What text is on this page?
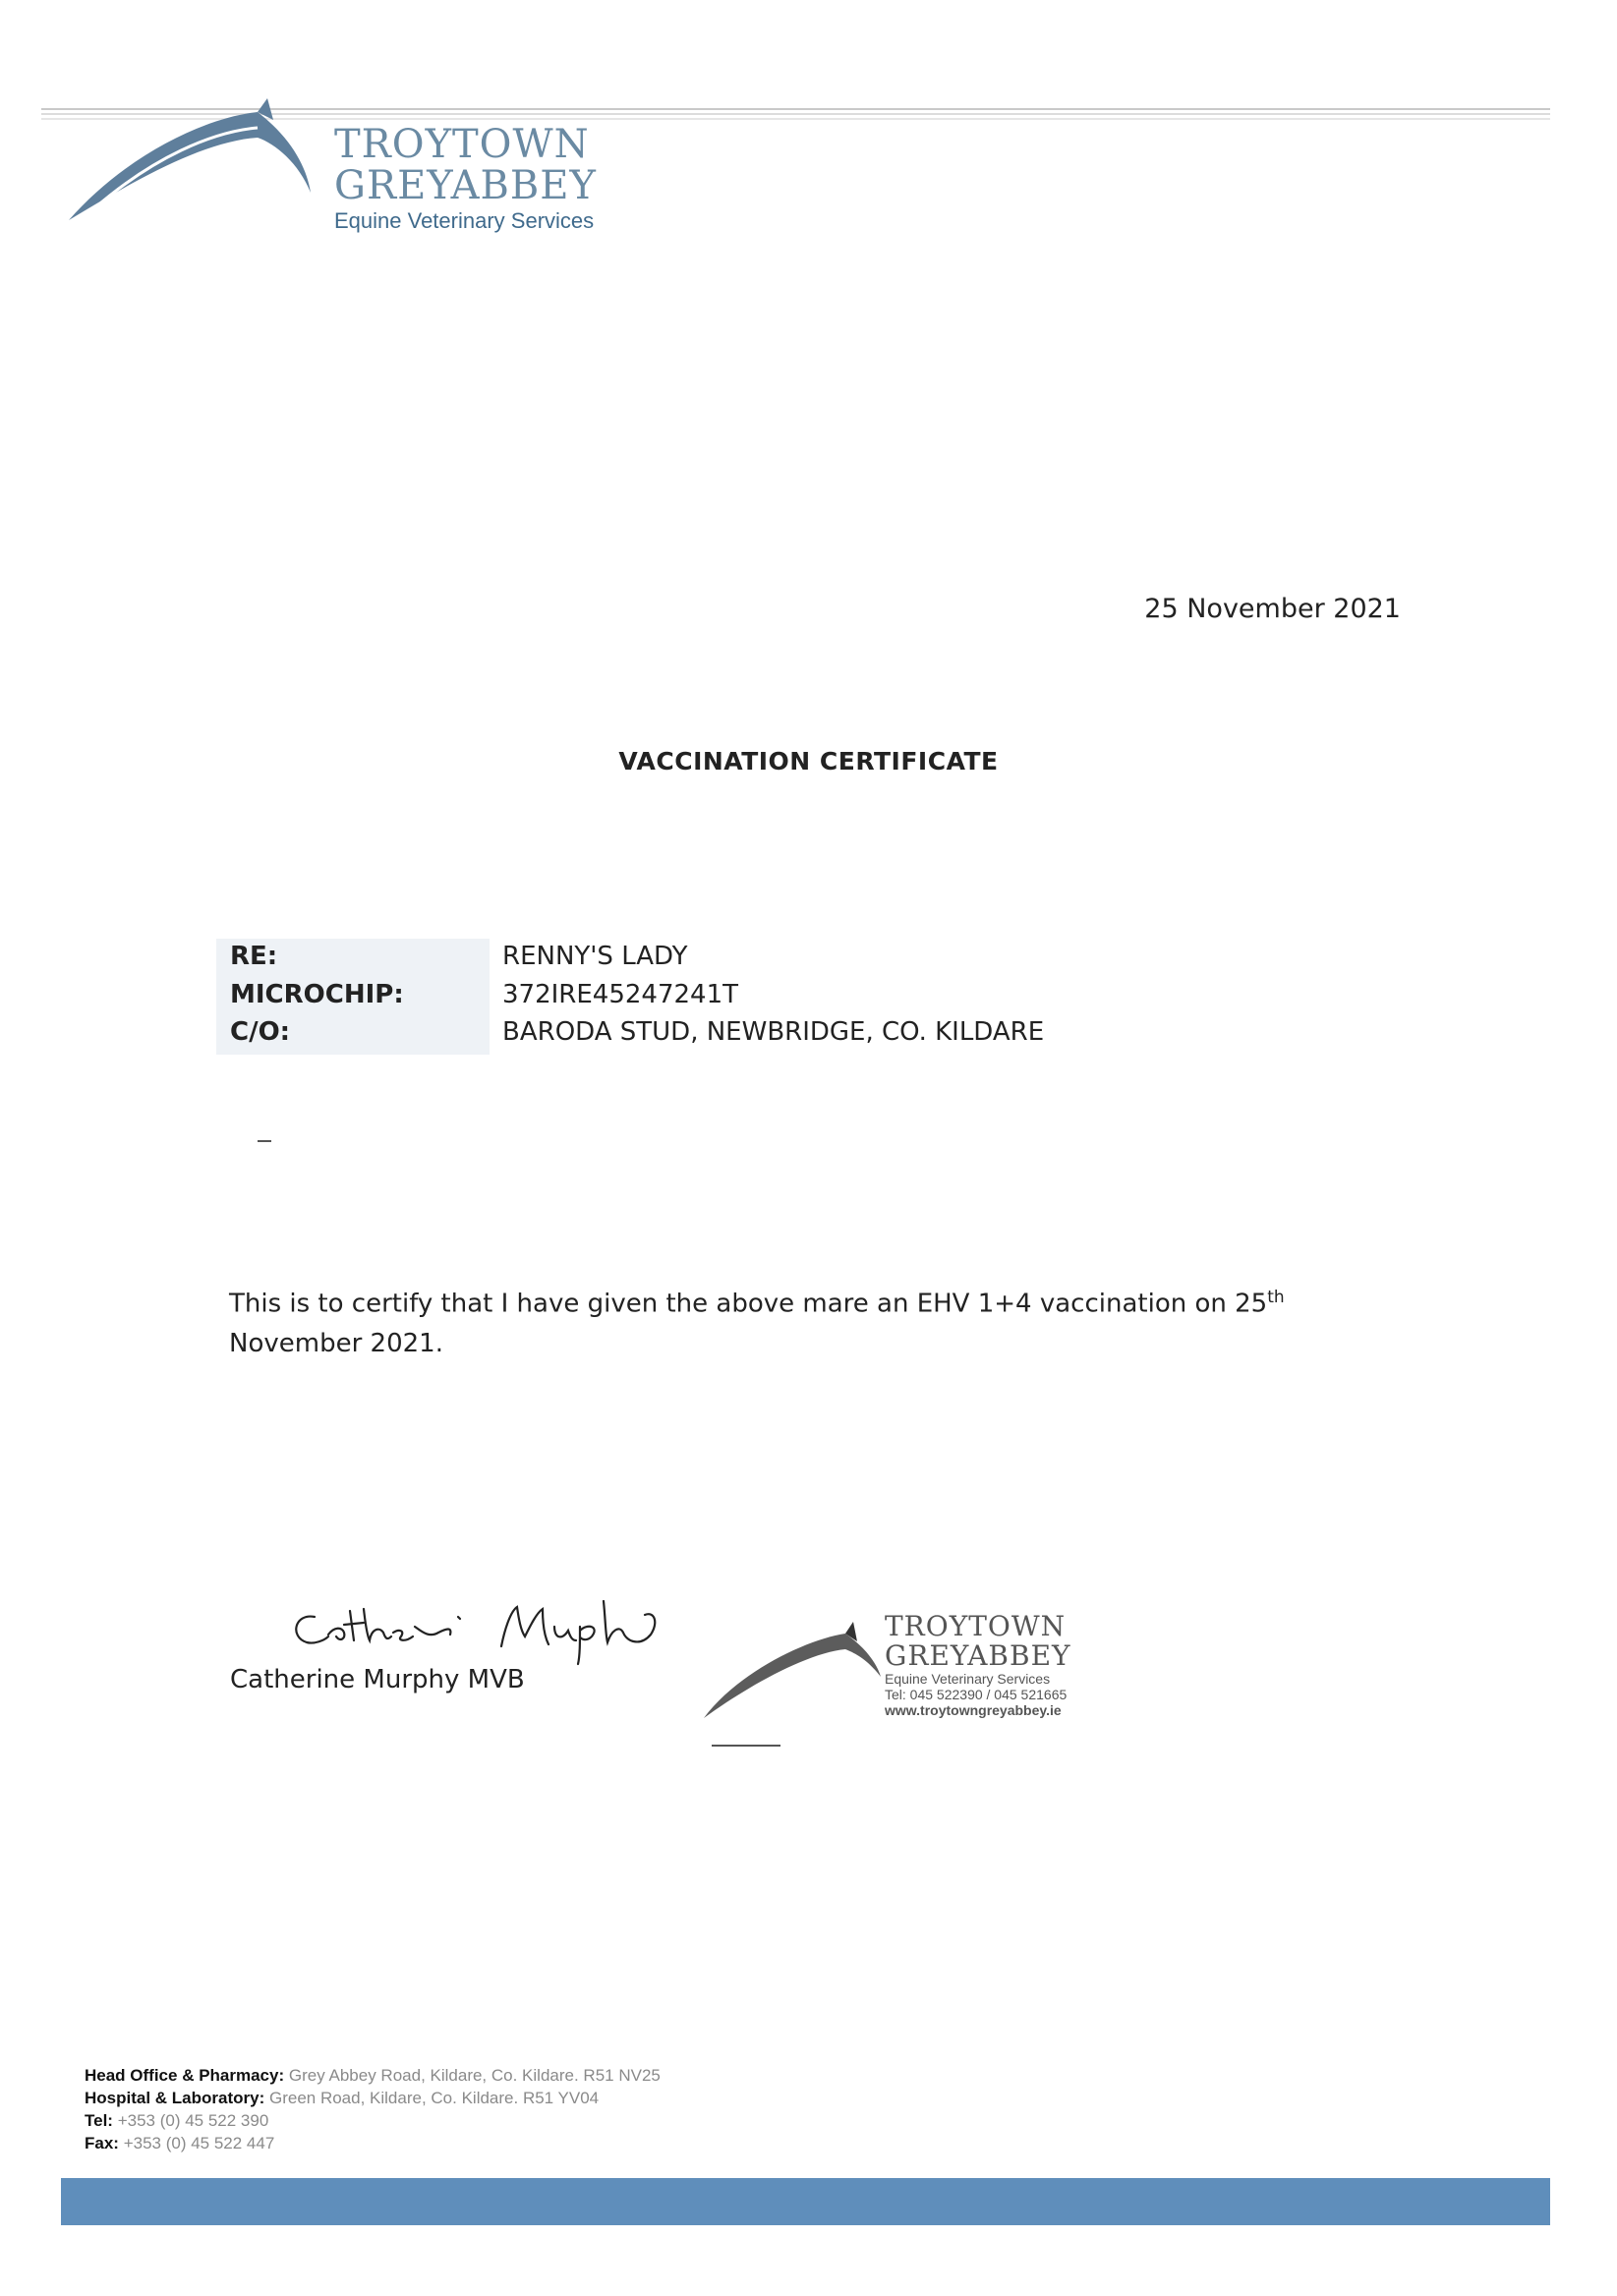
TROYTOWN
GREYABBEY
Equine Veterinary Services
25 November 2021
VACCINATION CERTIFICATE
RE:	RENNY'S LADY
MICROCHIP:	372IRE45247241T
C/O:	BARODA STUD, NEWBRIDGE, CO. KILDARE
This is to certify that I have given the above mare an EHV 1+4 vaccination on 25th
November 2021.
Catherine Murphy MVB
TROYTOWN
GREYABBEY
Equine Veterinary Services
Tel: 045 522390 / 045 521665
www.troytowngreyabbey.ie
Head Office & Pharmacy: Grey Abbey Road, Kildare, Co. Kildare. R51 NV25
Hospital & Laboratory: Green Road, Kildare, Co. Kildare. R51 YV04
Tel: +353 (0) 45 522 390
Fax: +353 (0) 45 522 447
